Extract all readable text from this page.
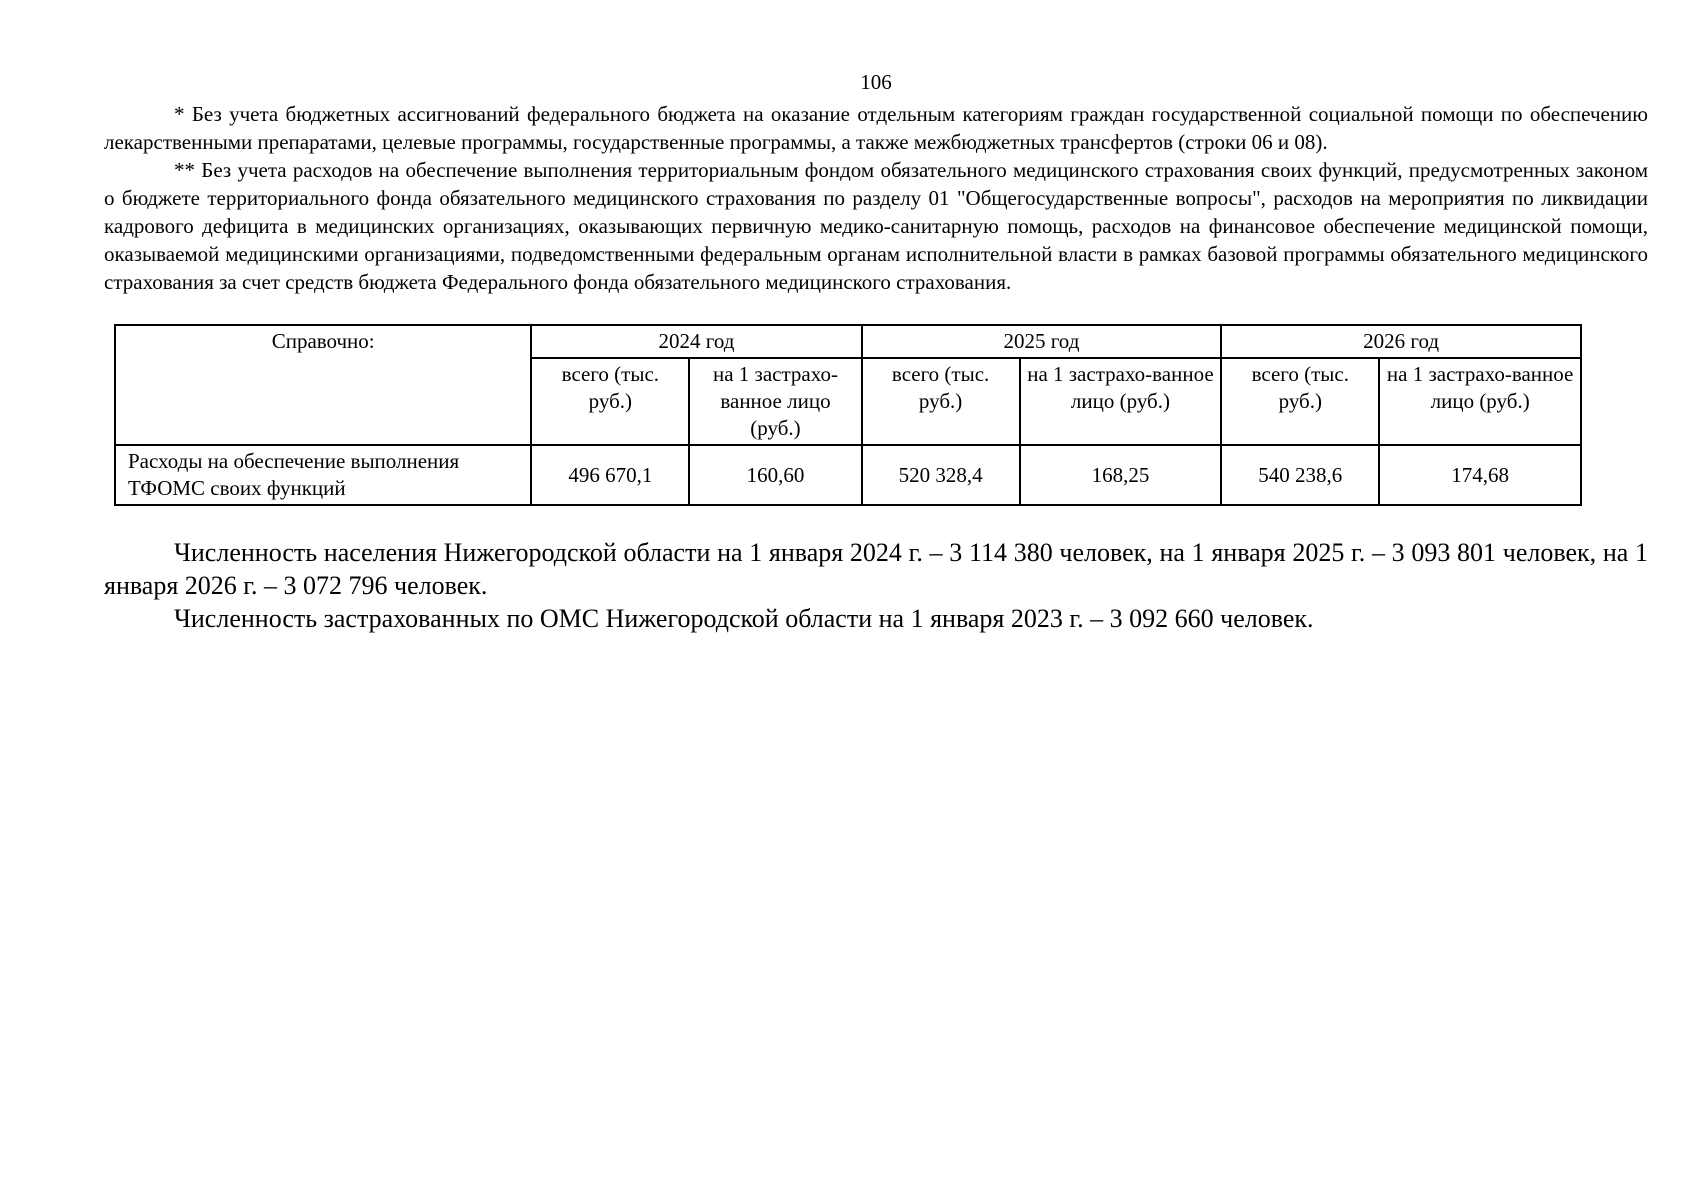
106

* Без учета бюджетных ассигнований федерального бюджета на оказание отдельным категориям граждан государственной социальной помощи по обеспечению лекарственными препаратами, целевые программы, государственные программы, а также межбюджетных трансфертов (строки 06 и 08).

** Без учета расходов на обеспечение выполнения территориальным фондом обязательного медицинского страхования своих функций, предусмотренных законом о бюджете территориального фонда обязательного медицинского страхования по разделу 01 "Общегосударственные вопросы", расходов на мероприятия по ликвидации кадрового дефицита в медицинских организациях, оказывающих первичную медико-санитарную помощь, расходов на финансовое обеспечение медицинской помощи, оказываемой медицинскими организациями, подведомственными федеральным органам исполнительной власти в рамках базовой программы обязательного медицинского страхования за счет средств бюджета Федерального фонда обязательного медицинского страхования.

Справочно:	2024 год		2025 год		2026 год	
	всего (тыс. руб.)	на 1 застрахо-ванное лицо (руб.)	всего (тыс. руб.)	на 1 застрахо-ванное лицо (руб.)	всего (тыс. руб.)	на 1 застрахо-ванное лицо (руб.)
Расходы на обеспечение выполнения ТФОМС своих функций	496 670,1	160,60	520 328,4	168,25	540 238,6	174,68

Численность населения Нижегородской области на 1 января 2024 г. – 3 114 380 человек, на 1 января 2025 г. – 3 093 801 человек, на 1 января 2026 г. – 3 072 796 человек.

Численность застрахованных по ОМС Нижегородской области на 1 января 2023 г. – 3 092 660 человек.
